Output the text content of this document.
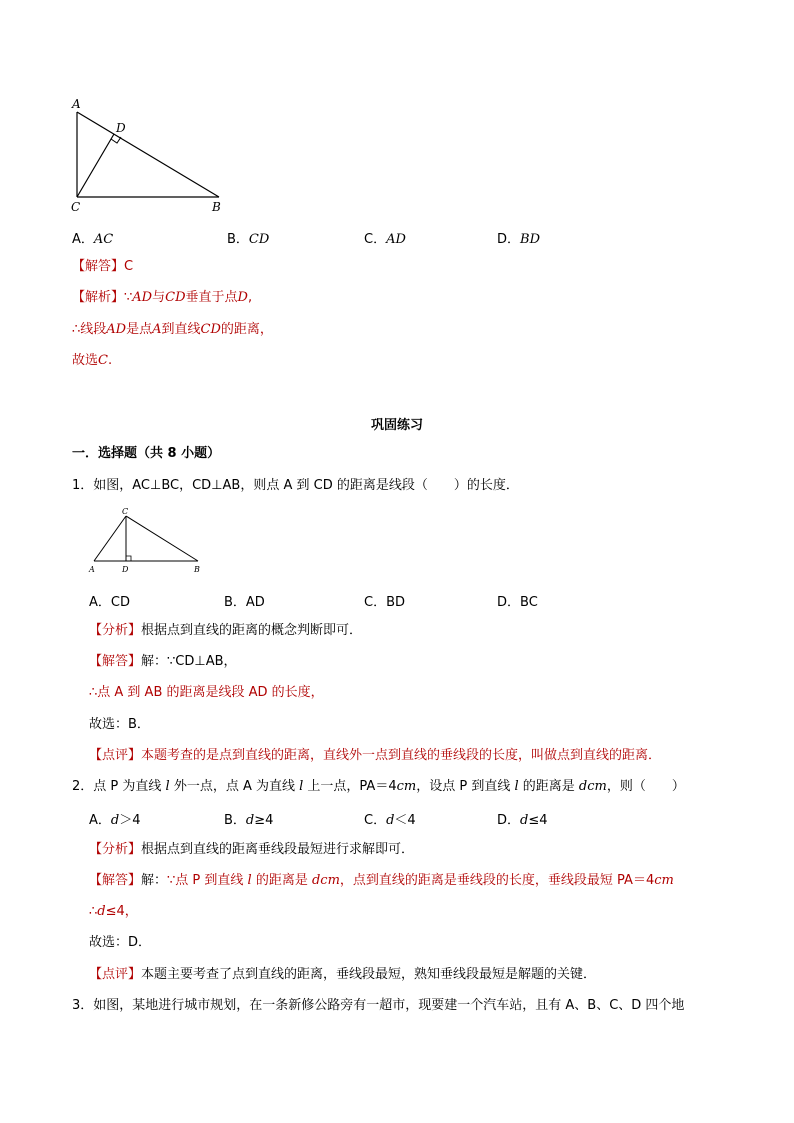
A
D
C	B
A．AC	B．CD	C．AD	D．BD
【解答】C
【解析】∵AD与CD垂直于点D,
∴线段AD是点A到直线CD的距离，
故选C.
巩固练习
一．选择题（共 8 小题）
1．如图，AC⊥BC，CD⊥AB，则点 A 到 CD 的距离是线段（　　）的长度．
C
A	D	B
A．CD	B．AD	C．BD	D．BC
【分析】根据点到直线的距离的概念判断即可．
【解答】解：∵CD⊥AB，
∴点 A 到 AB 的距离是线段 AD 的长度，
故选：B．
【点评】本题考查的是点到直线的距离，直线外一点到直线的垂线段的长度，叫做点到直线的距离．
2．点 P 为直线 l 外一点，点 A 为直线 l 上一点，PA＝4cm，设点 P 到直线 l 的距离是 dcm，则（　　）
A．d＞4	B．d≥4	C．d＜4	D．d≤4
【分析】根据点到直线的距离垂线段最短进行求解即可．
【解答】解：∵点 P 到直线 l 的距离是 dcm，点到直线的距离是垂线段的长度，垂线段最短 PA＝4cm
∴d≤4，
故选：D．
【点评】本题主要考查了点到直线的距离，垂线段最短，熟知垂线段最短是解题的关键．
3．如图，某地进行城市规划，在一条新修公路旁有一超市，现要建一个汽车站，且有 A、B、C、D 四个地
